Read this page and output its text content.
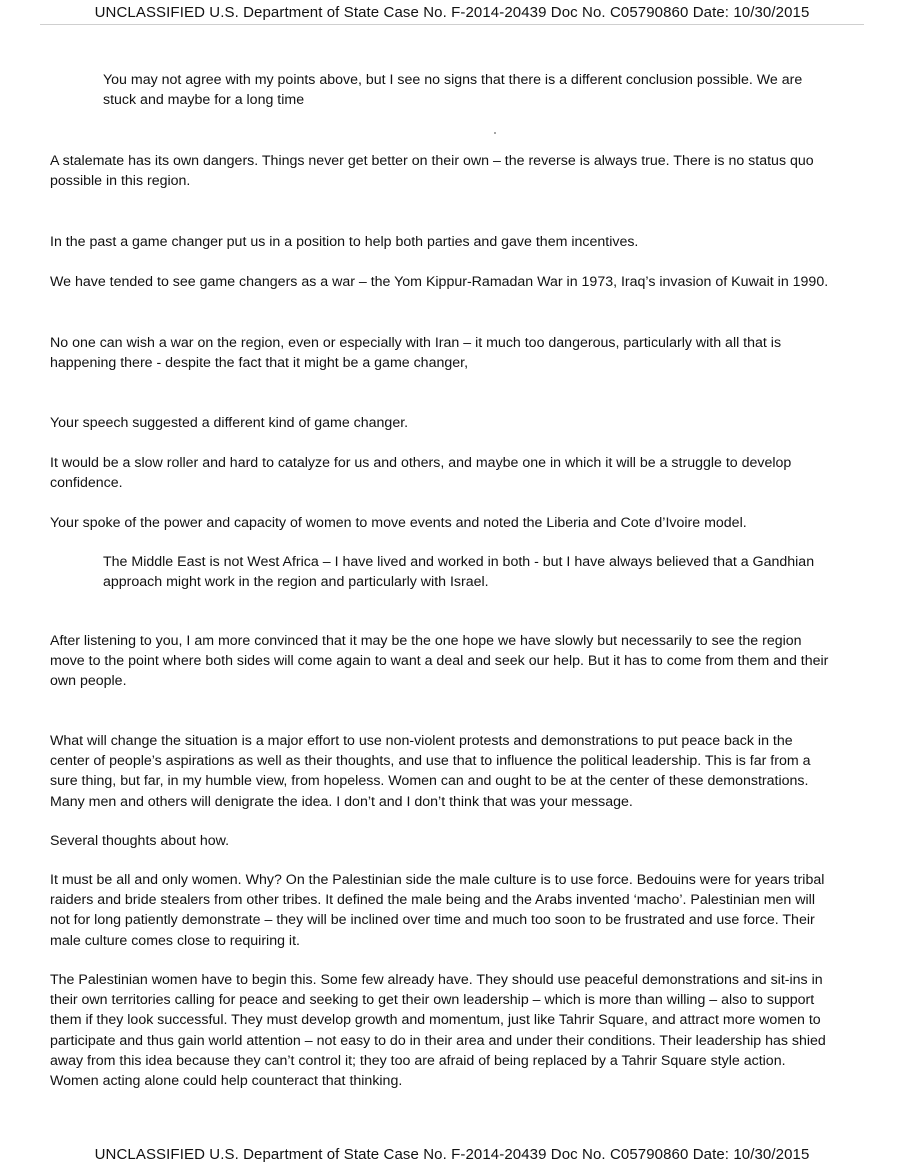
UNCLASSIFIED U.S. Department of State Case No. F-2014-20439 Doc No. C05790860 Date: 10/30/2015

You may not agree with my points above, but I see no signs that there is a different conclusion possible. We are stuck and maybe for a long time

A stalemate has its own dangers. Things never get better on their own – the reverse is always true. There is no status quo possible in this region.

In the past a game changer put us in a position to help both parties and gave them incentives.

We have tended to see game changers as a war – the Yom Kippur-Ramadan War in 1973, Iraq’s invasion of Kuwait in 1990.

No one can wish a war on the region, even or especially with Iran – it much too dangerous, particularly with all that is happening there - despite the fact that it might be a game changer,

Your speech suggested a different kind of game changer.

It would be a slow roller and hard to catalyze for us and others, and maybe one in which it will be a struggle to develop confidence.

Your spoke of the power and capacity of women to move events and noted the Liberia and Cote d’Ivoire model.

The Middle East is not West Africa – I have lived and worked in both - but I have always believed that a Gandhian approach might work in the region and particularly with Israel.

After listening to you, I am more convinced that it may be the one hope we have slowly but necessarily to see the region move to the point where both sides will come again to want a deal and seek our help. But it has to come from them and their own people.

What will change the situation is a major effort to use non-violent protests and demonstrations to put peace back in the center of people’s aspirations as well as their thoughts, and use that to influence the political leadership. This is far from a sure thing, but far, in my humble view, from hopeless. Women can and ought to be at the center of these demonstrations. Many men and others will denigrate the idea. I don’t and I don’t think that was your message.

Several thoughts about how.

It must be all and only women. Why? On the Palestinian side the male culture is to use force. Bedouins were for years tribal raiders and bride stealers from other tribes. It defined the male being and the Arabs invented ‘macho’. Palestinian men will not for long patiently demonstrate – they will be inclined over time and much too soon to be frustrated and use force. Their male culture comes close to requiring it.

The Palestinian women have to begin this. Some few already have. They should use peaceful demonstrations and sit-ins in their own territories calling for peace and seeking to get their own leadership – which is more than willing – also to support them if they look successful. They must develop growth and momentum, just like Tahrir Square, and attract more women to participate and thus gain world attention – not easy to do in their area and under their conditions. Their leadership has shied away from this idea because they can’t control it; they too are afraid of being replaced by a Tahrir Square style action. Women acting alone could help counteract that thinking.

UNCLASSIFIED U.S. Department of State Case No. F-2014-20439 Doc No. C05790860 Date: 10/30/2015
